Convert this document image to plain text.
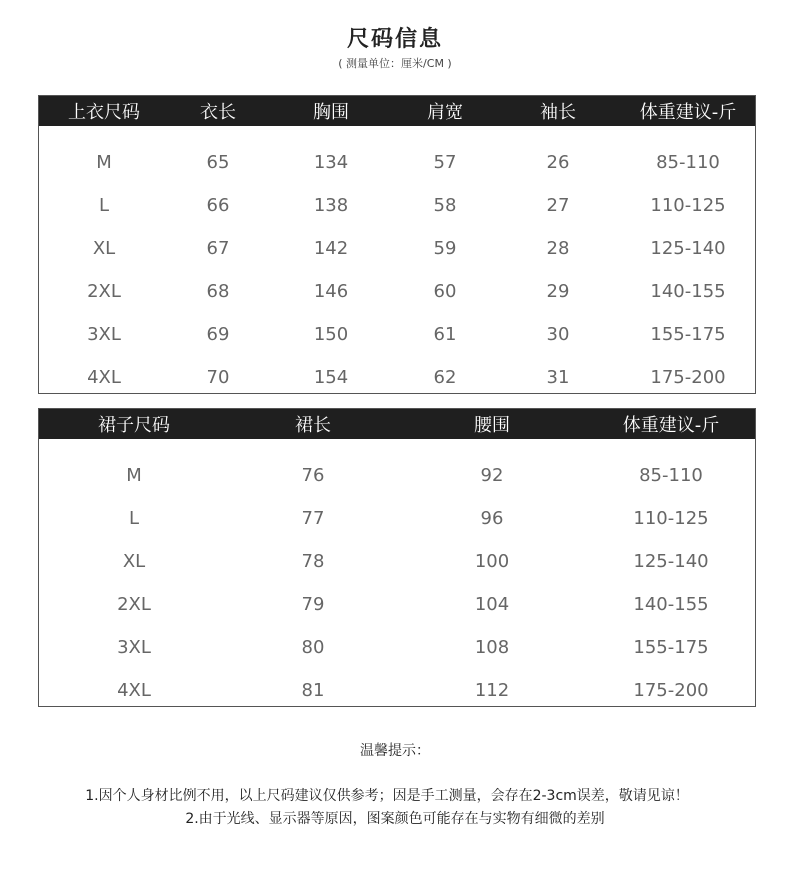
尺码信息
( 测量单位：厘米/CM )
上衣尺码	衣长	胸围	肩宽	袖长	体重建议-斤
M	65	134	57	26	85-110
L	66	138	58	27	110-125
XL	67	142	59	28	125-140
2XL	68	146	60	29	140-155
3XL	69	150	61	30	155-175
4XL	70	154	62	31	175-200
裙子尺码	裙长	腰围	体重建议-斤
M	76	92	85-110
L	77	96	110-125
XL	78	100	125-140
2XL	79	104	140-155
3XL	80	108	155-175
4XL	81	112	175-200
温馨提示：
1.因个人身材比例不用，以上尺码建议仅供参考；因是手工测量，会存在2-3cm误差，敬请见谅！
2.由于光线、显示器等原因，图案颜色可能存在与实物有细微的差别
